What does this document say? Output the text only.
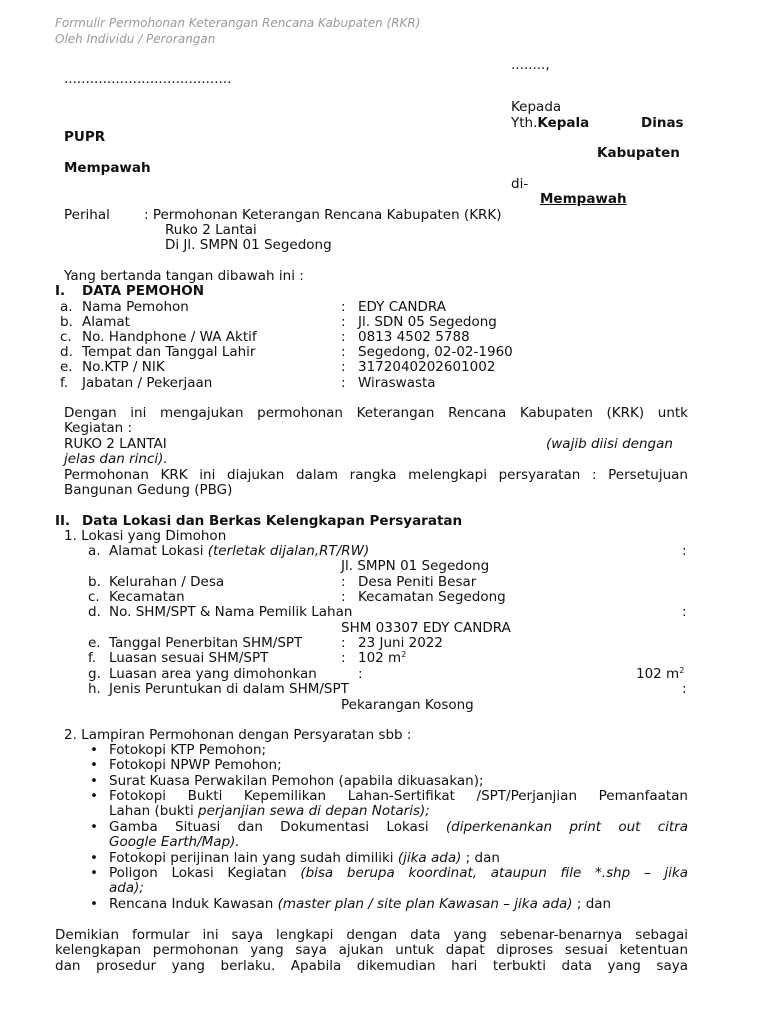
Formulir Permohonan Keterangan Rencana Kabupaten (RKR)
Oleh Individu / Perorangan
........,
.......................................
Kepada
Yth.Kepala	Dinas
PUPR
Kabupaten
Mempawah
di-
Mempawah
Perihal	: Permohonan Keterangan Rencana Kabupaten (KRK)
Ruko 2 Lantai
Di Jl. SMPN 01 Segedong
Yang bertanda tangan dibawah ini :
I. DATA PEMOHON
a. Nama Pemohon	: EDY CANDRA
b. Alamat	: Jl. SDN 05 Segedong
c. No. Handphone / WA Aktif	: 0813 4502 5788
d. Tempat dan Tanggal Lahir	: Segedong, 02-02-1960
e. No.KTP / NIK	: 3172040202601002
f. Jabatan / Pekerjaan	: Wiraswasta
Dengan ini mengajukan permohonan Keterangan Rencana Kabupaten (KRK) untk
Kegiatan :
RUKO 2 LANTAI	(wajib diisi dengan
jelas dan rinci).
Permohonan KRK ini diajukan dalam rangka melengkapi persyaratan : Persetujuan
Bangunan Gedung (PBG)
II. Data Lokasi dan Berkas Kelengkapan Persyaratan
1. Lokasi yang Dimohon
a. Alamat Lokasi (terletak dijalan,RT/RW)	:
Jl. SMPN 01 Segedong
b. Kelurahan / Desa	: Desa Peniti Besar
c. Kecamatan	: Kecamatan Segedong
d. No. SHM/SPT & Nama Pemilik Lahan	:
SHM 03307 EDY CANDRA
e. Tanggal Penerbitan SHM/SPT	: 23 Juni 2022
f. Luasan sesuai SHM/SPT	: 102 $m^2$
g. Luasan area yang dimohonkan	:	102 $m^2$
h. Jenis Peruntukan di dalam SHM/SPT	:
Pekarangan Kosong
2. Lampiran Permohonan dengan Persyaratan sbb :
• Fotokopi KTP Pemohon;
• Fotokopi NPWP Pemohon;
• Surat Kuasa Perwakilan Pemohon (apabila dikuasakan);
• Fotokopi Bukti Kepemilikan Lahan-Sertifikat /SPT/Perjanjian Pemanfaatan
Lahan (bukti perjanjian sewa di depan Notaris);
• Gamba Situasi dan Dokumentasi Lokasi (diperkenankan print out citra
Google Earth/Map).
• Fotokopi perijinan lain yang sudah dimiliki (jika ada) ; dan
• Poligon Lokasi Kegiatan (bisa berupa koordinat, ataupun file *.shp – jika
ada);
• Rencana Induk Kawasan (master plan / site plan Kawasan – jika ada) ; dan
Demikian formular ini saya lengkapi dengan data yang sebenar-benarnya sebagai
kelengkapan permohonan yang saya ajukan untuk dapat diproses sesuai ketentuan
dan prosedur yang berlaku. Apabila dikemudian hari terbukti data yang saya
